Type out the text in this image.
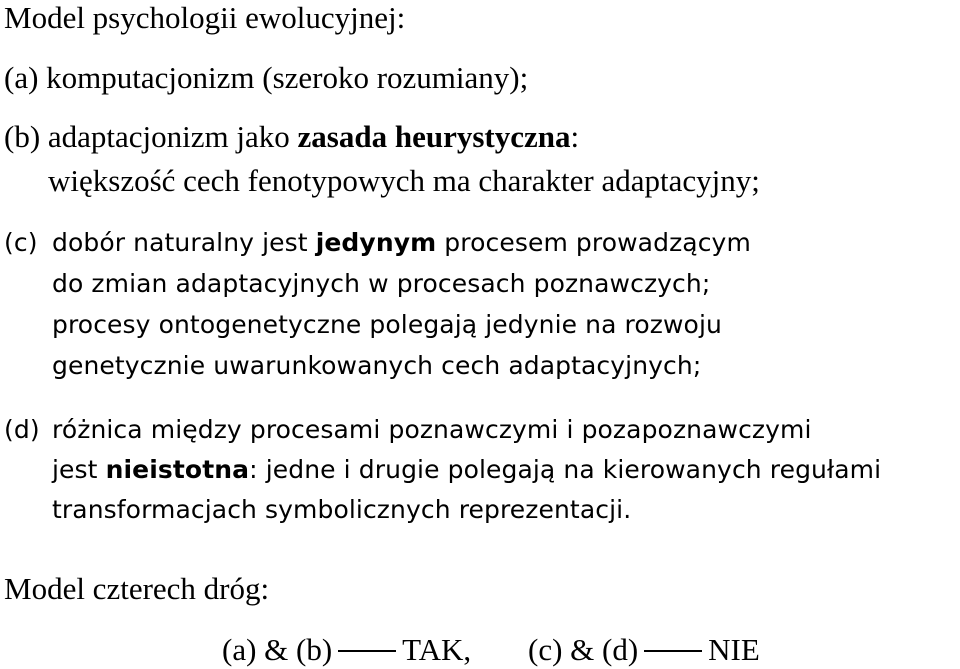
Model psychologii ewolucyjnej:
(a) komputacjonizm (szeroko rozumiany);
(b) adaptacjonizm jako zasada heurystyczna:
większość cech fenotypowych ma charakter adaptacyjny;
(c) dobór naturalny jest jedynym procesem prowadzącym
do zmian adaptacyjnych w procesach poznawczych;
procesy ontogenetyczne polegają jedynie na rozwoju
genetycznie uwarunkowanych cech adaptacyjnych;
(d) różnica między procesami poznawczymi i pozapoznawczymi
jest nieistotna: jedne i drugie polegają na kierowanych regułami
transformacjach symbolicznych reprezentacji.
Model czterech dróg:
(a) & (b) TAK, (c) & (d) NIE
